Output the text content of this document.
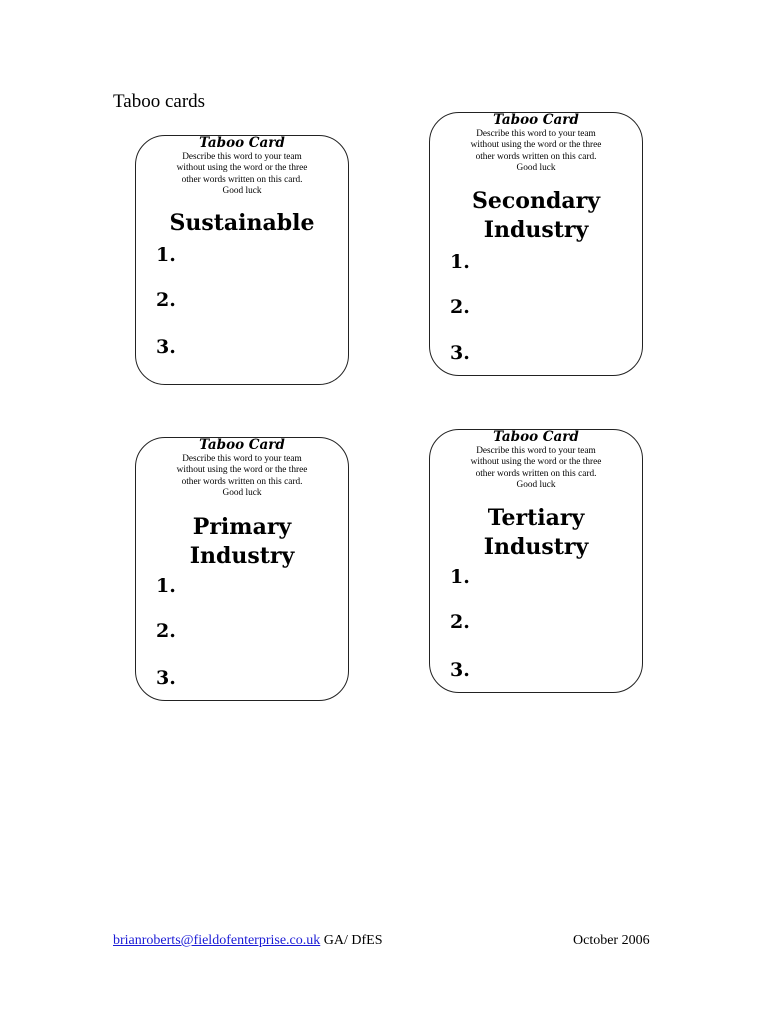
Taboo cards
Taboo Card
Describe this word to your team
without using the word or the three
other words written on this card.
Good luck
Sustainable
1.
2.
3.
Taboo Card
Describe this word to your team
without using the word or the three
other words written on this card.
Good luck
Secondary
Industry
1.
2.
3.
Taboo Card
Describe this word to your team
without using the word or the three
other words written on this card.
Good luck
Primary
Industry
1.
2.
3.
Taboo Card
Describe this word to your team
without using the word or the three
other words written on this card.
Good luck
Tertiary
Industry
1.
2.
3.
brianroberts@fieldofenterprise.co.uk GA/ DfES	October 2006
